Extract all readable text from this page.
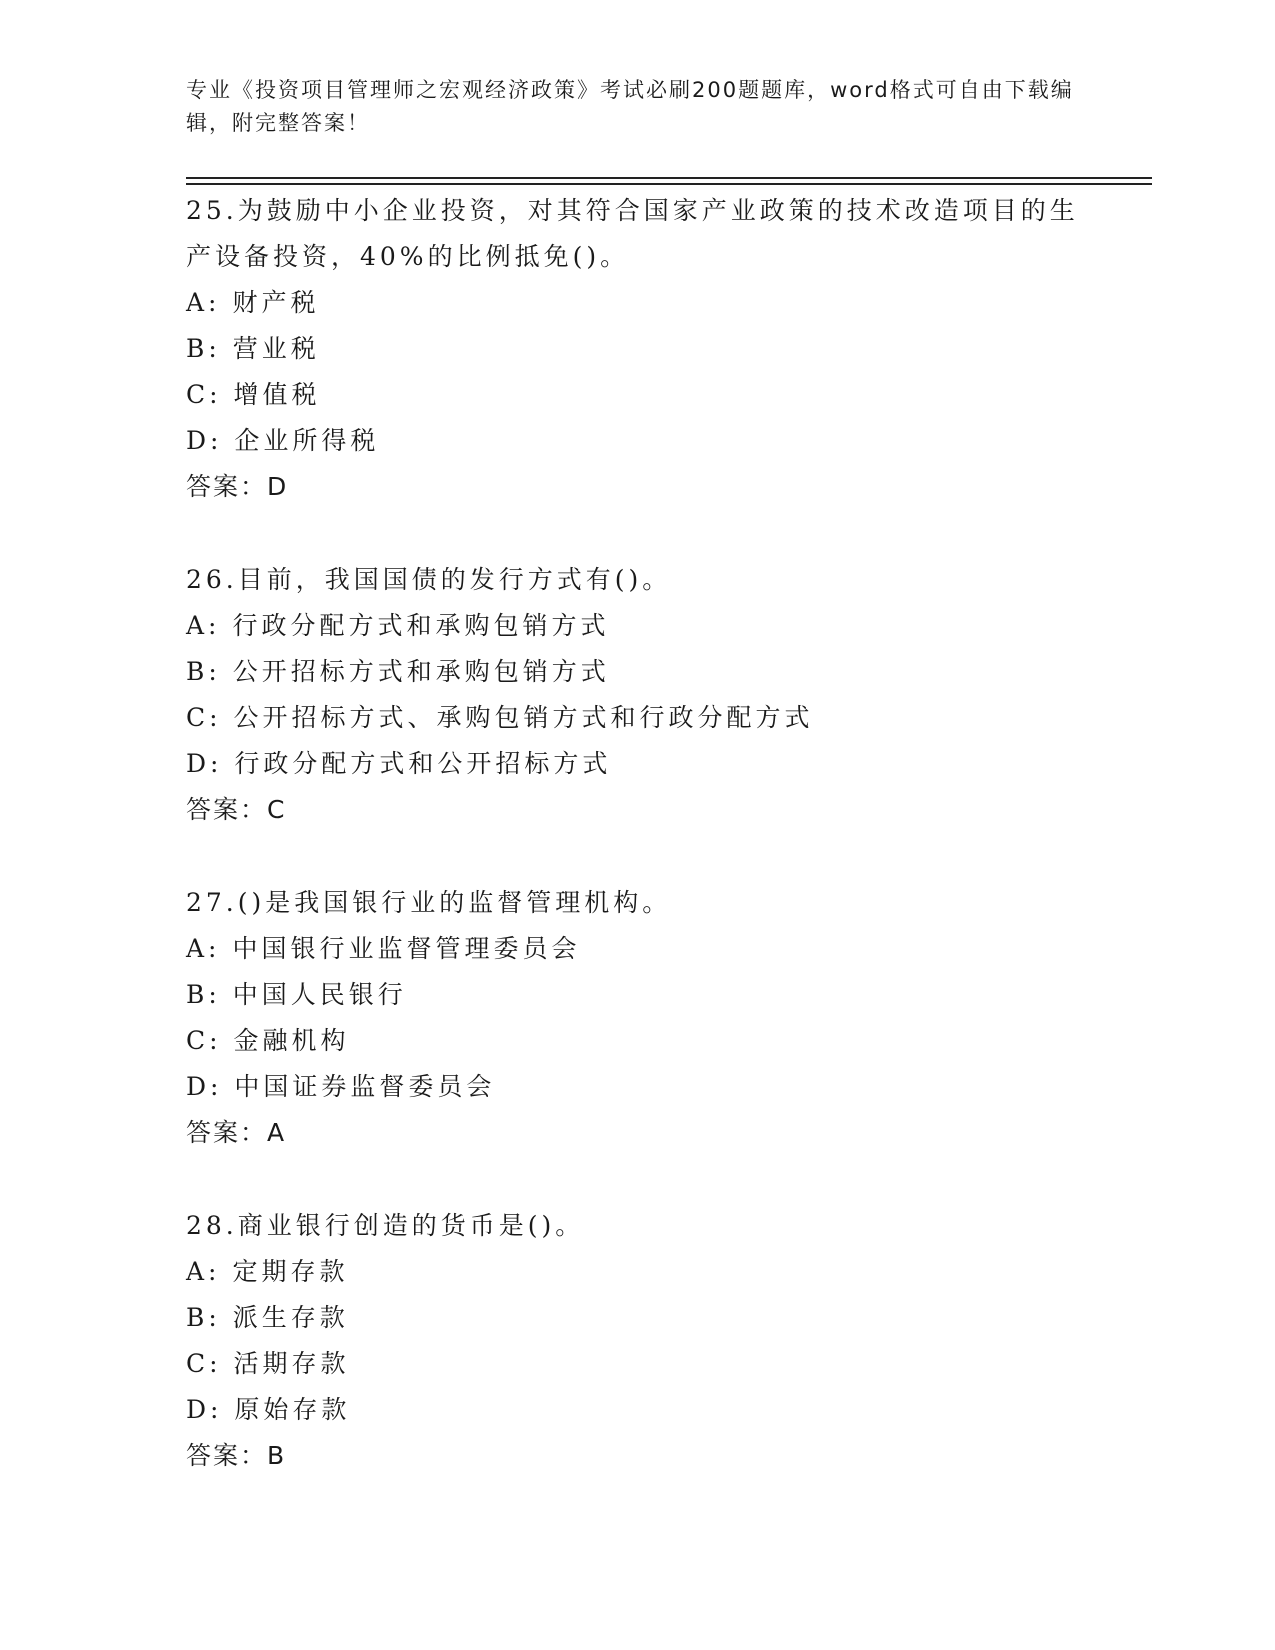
专业《投资项目管理师之宏观经济政策》考试必刷200题题库，word格式可自由下载编辑，附完整答案！

25.为鼓励中小企业投资，对其符合国家产业政策的技术改造项目的生产设备投资，40%的比例抵免()。

A: 财产税
B: 营业税
C: 增值税
D: 企业所得税
答案：D

26.目前，我国国债的发行方式有()。

A: 行政分配方式和承购包销方式
B: 公开招标方式和承购包销方式
C: 公开招标方式、承购包销方式和行政分配方式
D: 行政分配方式和公开招标方式
答案：C

27.()是我国银行业的监督管理机构。

A: 中国银行业监督管理委员会
B: 中国人民银行
C: 金融机构
D: 中国证券监督委员会
答案：A

28.商业银行创造的货币是()。

A: 定期存款
B: 派生存款
C: 活期存款
D: 原始存款
答案：B
